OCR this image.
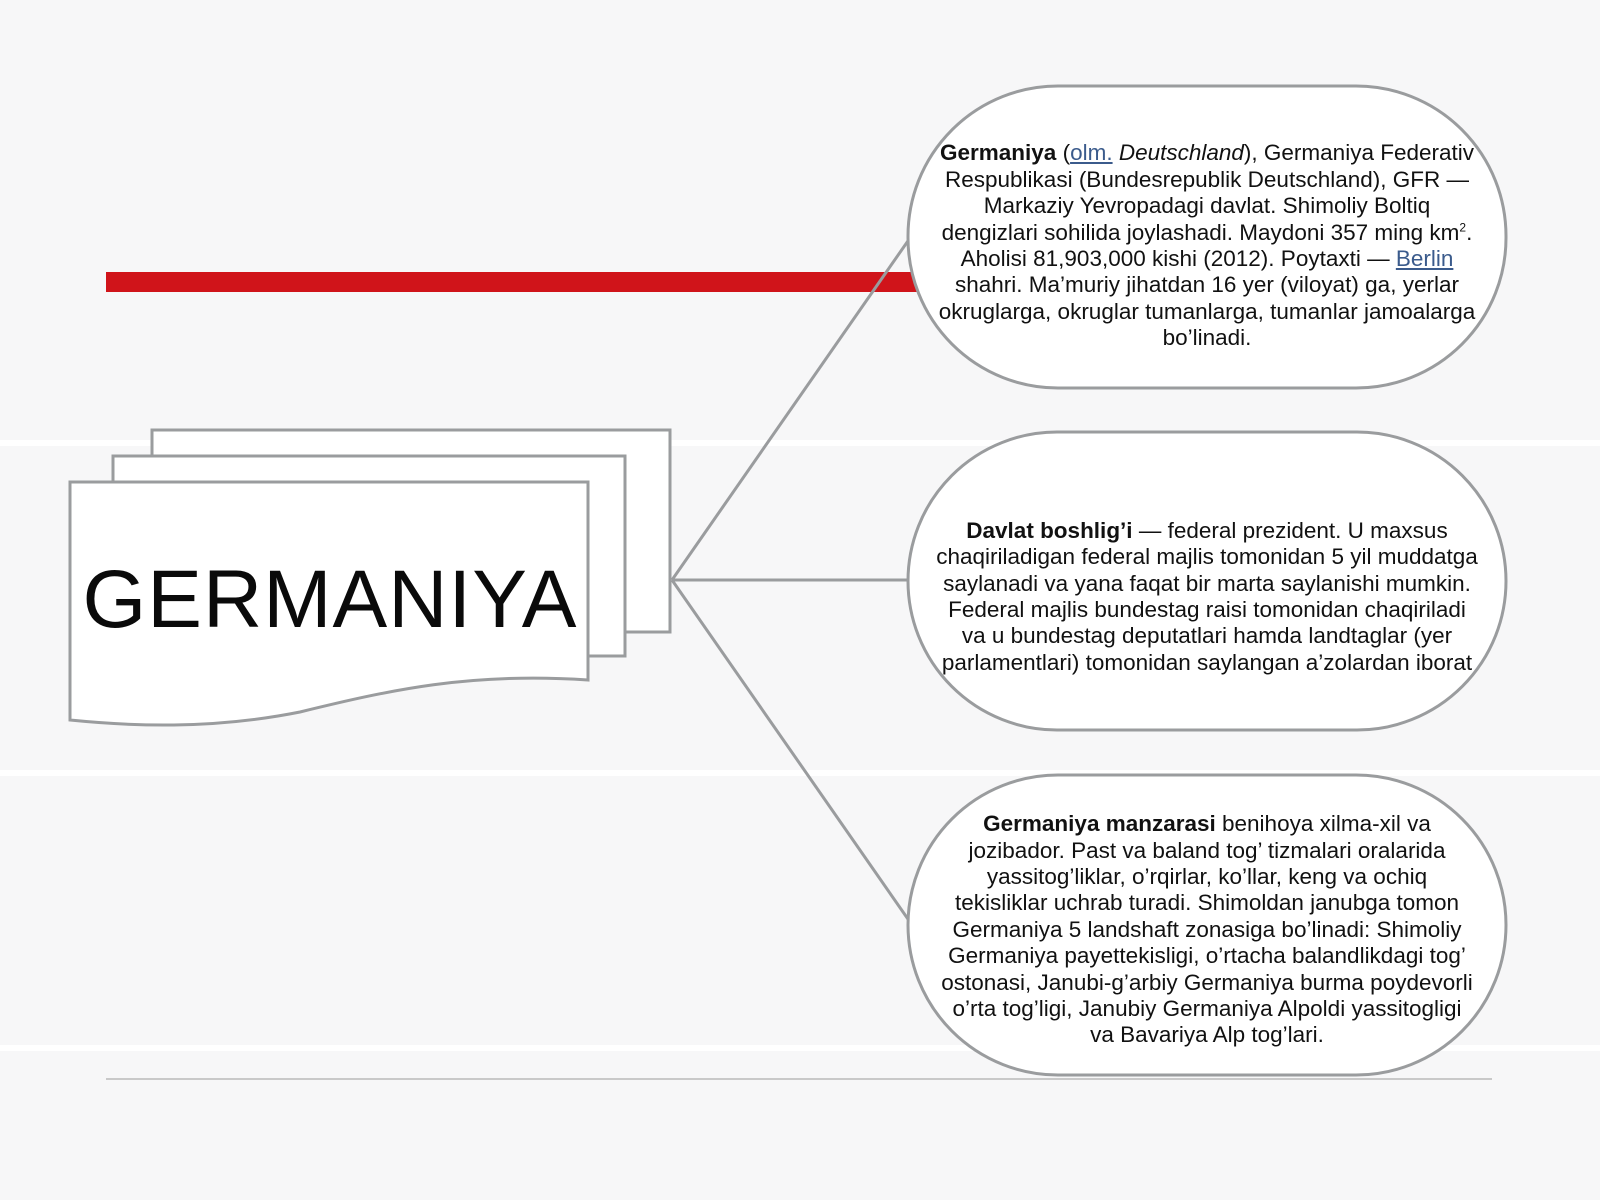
GERMANIYA
Germaniya (olm. Deutschland), Germaniya Federativ Respublikasi (Bundesrepublik Deutschland), GFR — Markaziy Yevropadagi davlat. Shimoliy Boltiq dengizlari sohilida joylashadi. Maydoni 357 ming $km^2$. Aholisi 81,903,000 kishi (2012). Poytaxti — Berlin shahri. Ma’muriy jihatdan 16 yer (viloyat) ga, yerlar okruglarga, okruglar tumanlarga, tumanlar jamoalarga bo’linadi.
Davlat boshlig’i — federal prezident. U maxsus chaqiriladigan federal majlis tomonidan 5 yil muddatga saylanadi va yana faqat bir marta saylanishi mumkin. Federal majlis bundestag raisi tomonidan chaqiriladi va u bundestag deputatlari hamda landtaglar (yer parlamentlari) tomonidan saylangan a’zolardan iborat
Germaniya manzarasi benihoya xilma-xil va jozibador. Past va baland tog’ tizmalari oralarida yassitog’liklar, o’rqirlar, ko’llar, keng va ochiq tekisliklar uchrab turadi. Shimoldan janubga tomon Germaniya 5 landshaft zonasiga bo’linadi: Shimoliy Germaniya payettekisligi, o’rtacha balandlikdagi tog’ ostonasi, Janubi-g’arbiy Germaniya burma poydevorli o’rta tog’ligi, Janubiy Germaniya Alpoldi yassitogligi va Bavariya Alp tog’lari.
